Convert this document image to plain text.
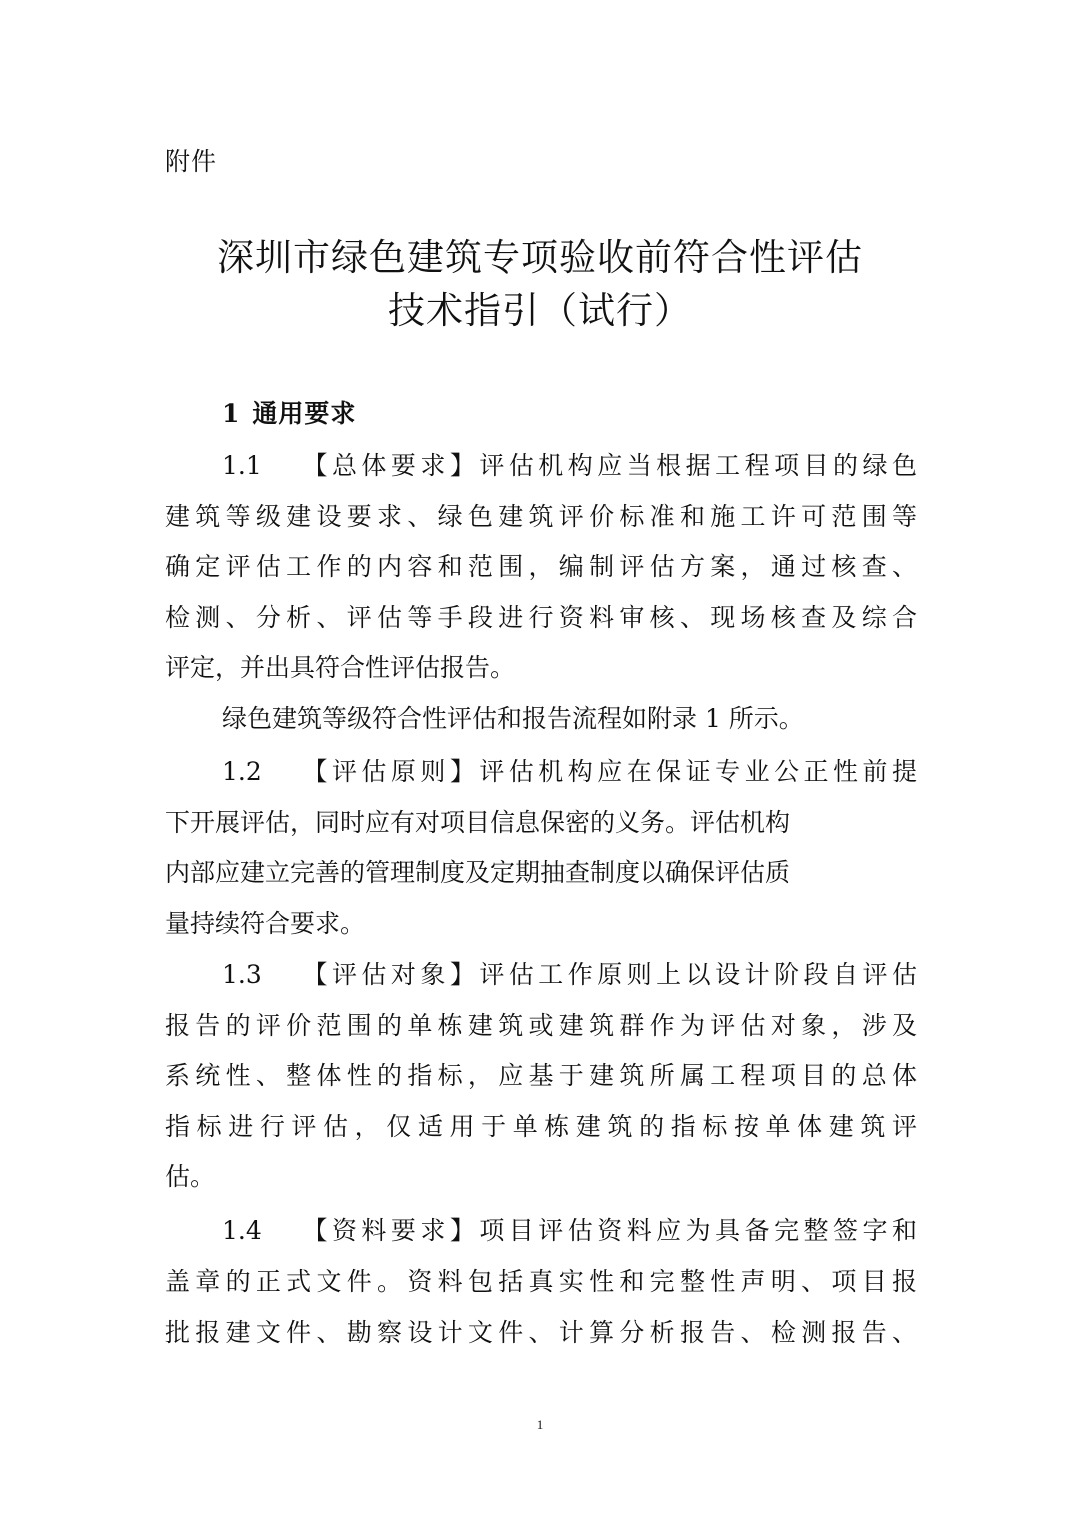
附件
深圳市绿色建筑专项验收前符合性评估
技术指引（试行）
1 通用要求
1.1 【总体要求】评估机构应当根据工程项目的绿色
建筑等级建设要求、绿色建筑评价标准和施工许可范围等
确定评估工作的内容和范围，编制评估方案，通过核查、
检测、分析、评估等手段进行资料审核、现场核查及综合
评定，并出具符合性评估报告。
绿色建筑等级符合性评估和报告流程如附录 1 所示。
1.2 【评估原则】评估机构应在保证专业公正性前提
下开展评估，同时应有对项目信息保密的义务。评估机构
内部应建立完善的管理制度及定期抽查制度以确保评估质
量持续符合要求。
1.3 【评估对象】评估工作原则上以设计阶段自评估
报告的评价范围的单栋建筑或建筑群作为评估对象，涉及
系统性、整体性的指标，应基于建筑所属工程项目的总体
指标进行评估，仅适用于单栋建筑的指标按单体建筑评
估。
1.4 【资料要求】项目评估资料应为具备完整签字和
盖章的正式文件。资料包括真实性和完整性声明、项目报
批报建文件、勘察设计文件、计算分析报告、检测报告、
1
